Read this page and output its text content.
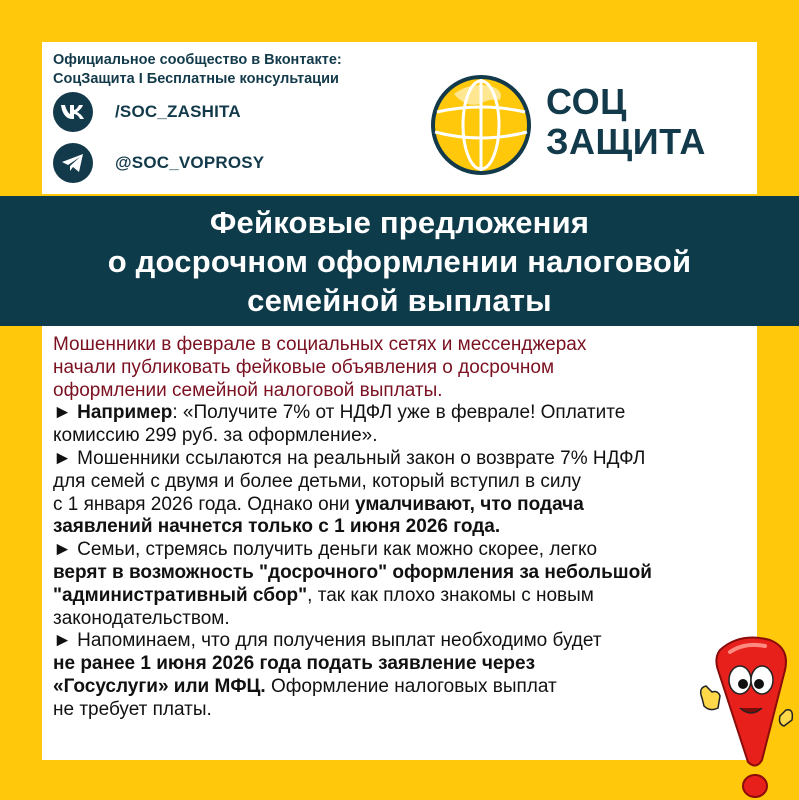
Официальное сообщество в Вконтакте:
СоцЗащита I Бесплатные консультации
/SOC_ZASHITA
@SOC_VOPROSY
СОЦ
ЗАЩИТА
Фейковые предложения
о досрочном оформлении налоговой
семейной выплаты
Мошенники в феврале в социальных сетях и мессенджерах
начали публиковать фейковые объявления о досрочном
оформлении семейной налоговой выплаты.
► Например: «Получите 7% от НДФЛ уже в феврале! Оплатите
комиссию 299 руб. за оформление».
► Мошенники ссылаются на реальный закон о возврате 7% НДФЛ
для семей с двумя и более детьми, который вступил в силу
с 1 января 2026 года. Однако они умалчивают, что подача
заявлений начнется только с 1 июня 2026 года.
► Семьи, стремясь получить деньги как можно скорее, легко
верят в возможность "досрочного" оформления за небольшой
"административный сбор", так как плохо знакомы с новым
законодательством.
► Напоминаем, что для получения выплат необходимо будет
не ранее 1 июня 2026 года подать заявление через
«Госуслуги» или МФЦ. Оформление налоговых выплат
не требует платы.
